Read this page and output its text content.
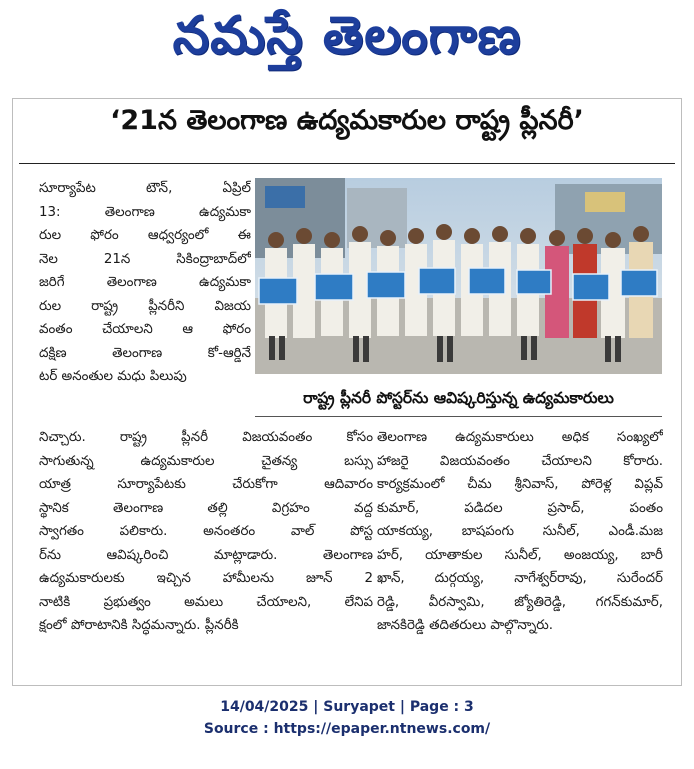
నమస్తే తెలంగాణ
‘21న తెలంగాణ ఉద్యమకారుల రాష్ట్ర ప్లీనరీ’

సూర్యాపేట టౌన్, ఏప్రిల్

13: తెలంగాణ ఉద్యమకా

రుల ఫోరం ఆధ్వర్యంలో ఈ

నెల 21న సికింద్రాబాద్‌లో

జరిగే తెలంగాణ ఉద్యమకా

రుల రాష్ట్ర ప్లీనరీని విజయ

వంతం చేయాలని ఆ ఫోరం

దక్షిణ తెలంగాణ కో-ఆర్డినే

టర్ అనంతుల మధు పిలుపు

రాష్ట్ర ప్లీనరీ పోస్టర్‌ను ఆవిష్కరిస్తున్న ఉద్యమకారులు

నిచ్చారు. రాష్ట్ర ప్లీనరీ విజయవంతం కోసం

సాగుతున్న ఉద్యమకారుల చైతన్య బస్సు

యాత్ర సూర్యాపేటకు చేరుకోగా ఆదివారం

స్థానిక తెలంగాణ తల్లి విగ్రహం వద్ద

స్వాగతం పలికారు. అనంతరం వాల్ పోస్ట

ర్‌ను ఆవిష్కరించి మాట్లాడారు. తెలంగాణ

ఉద్యమకారులకు ఇచ్చిన హామీలను జూన్ 2

నాటికి ప్రభుత్వం అమలు చేయాలని, లేనిప

క్షంలో పోరాటానికి సిద్ధమన్నారు. ప్లీనరీకి

తెలంగాణ ఉద్యమకారులు అధిక సంఖ్యలో

హాజరై విజయవంతం చేయాలని కోరారు.

కార్యక్రమంలో చీమ శ్రీనివాస్, పోరెళ్ల విప్లవ్

కుమార్, పడిదల ప్రసాద్, పంతం

యాకయ్య, బాషపంగు సునీల్, ఎండీ.మజ

హర్, యాతాకుల సునీల్, అంజయ్య, బారీ

ఖాన్, దుర్గయ్య, నాగేశ్వర్‌రావు, సురేందర్

రెడ్డి, వీరస్వామి, జ్యోతిరెడ్డి, గగన్‌కుమార్,

జానకిరెడ్డి తదితరులు పాల్గొన్నారు.

14/04/2025 | Suryapet | Page : 3
Source : https://epaper.ntnews.com/
